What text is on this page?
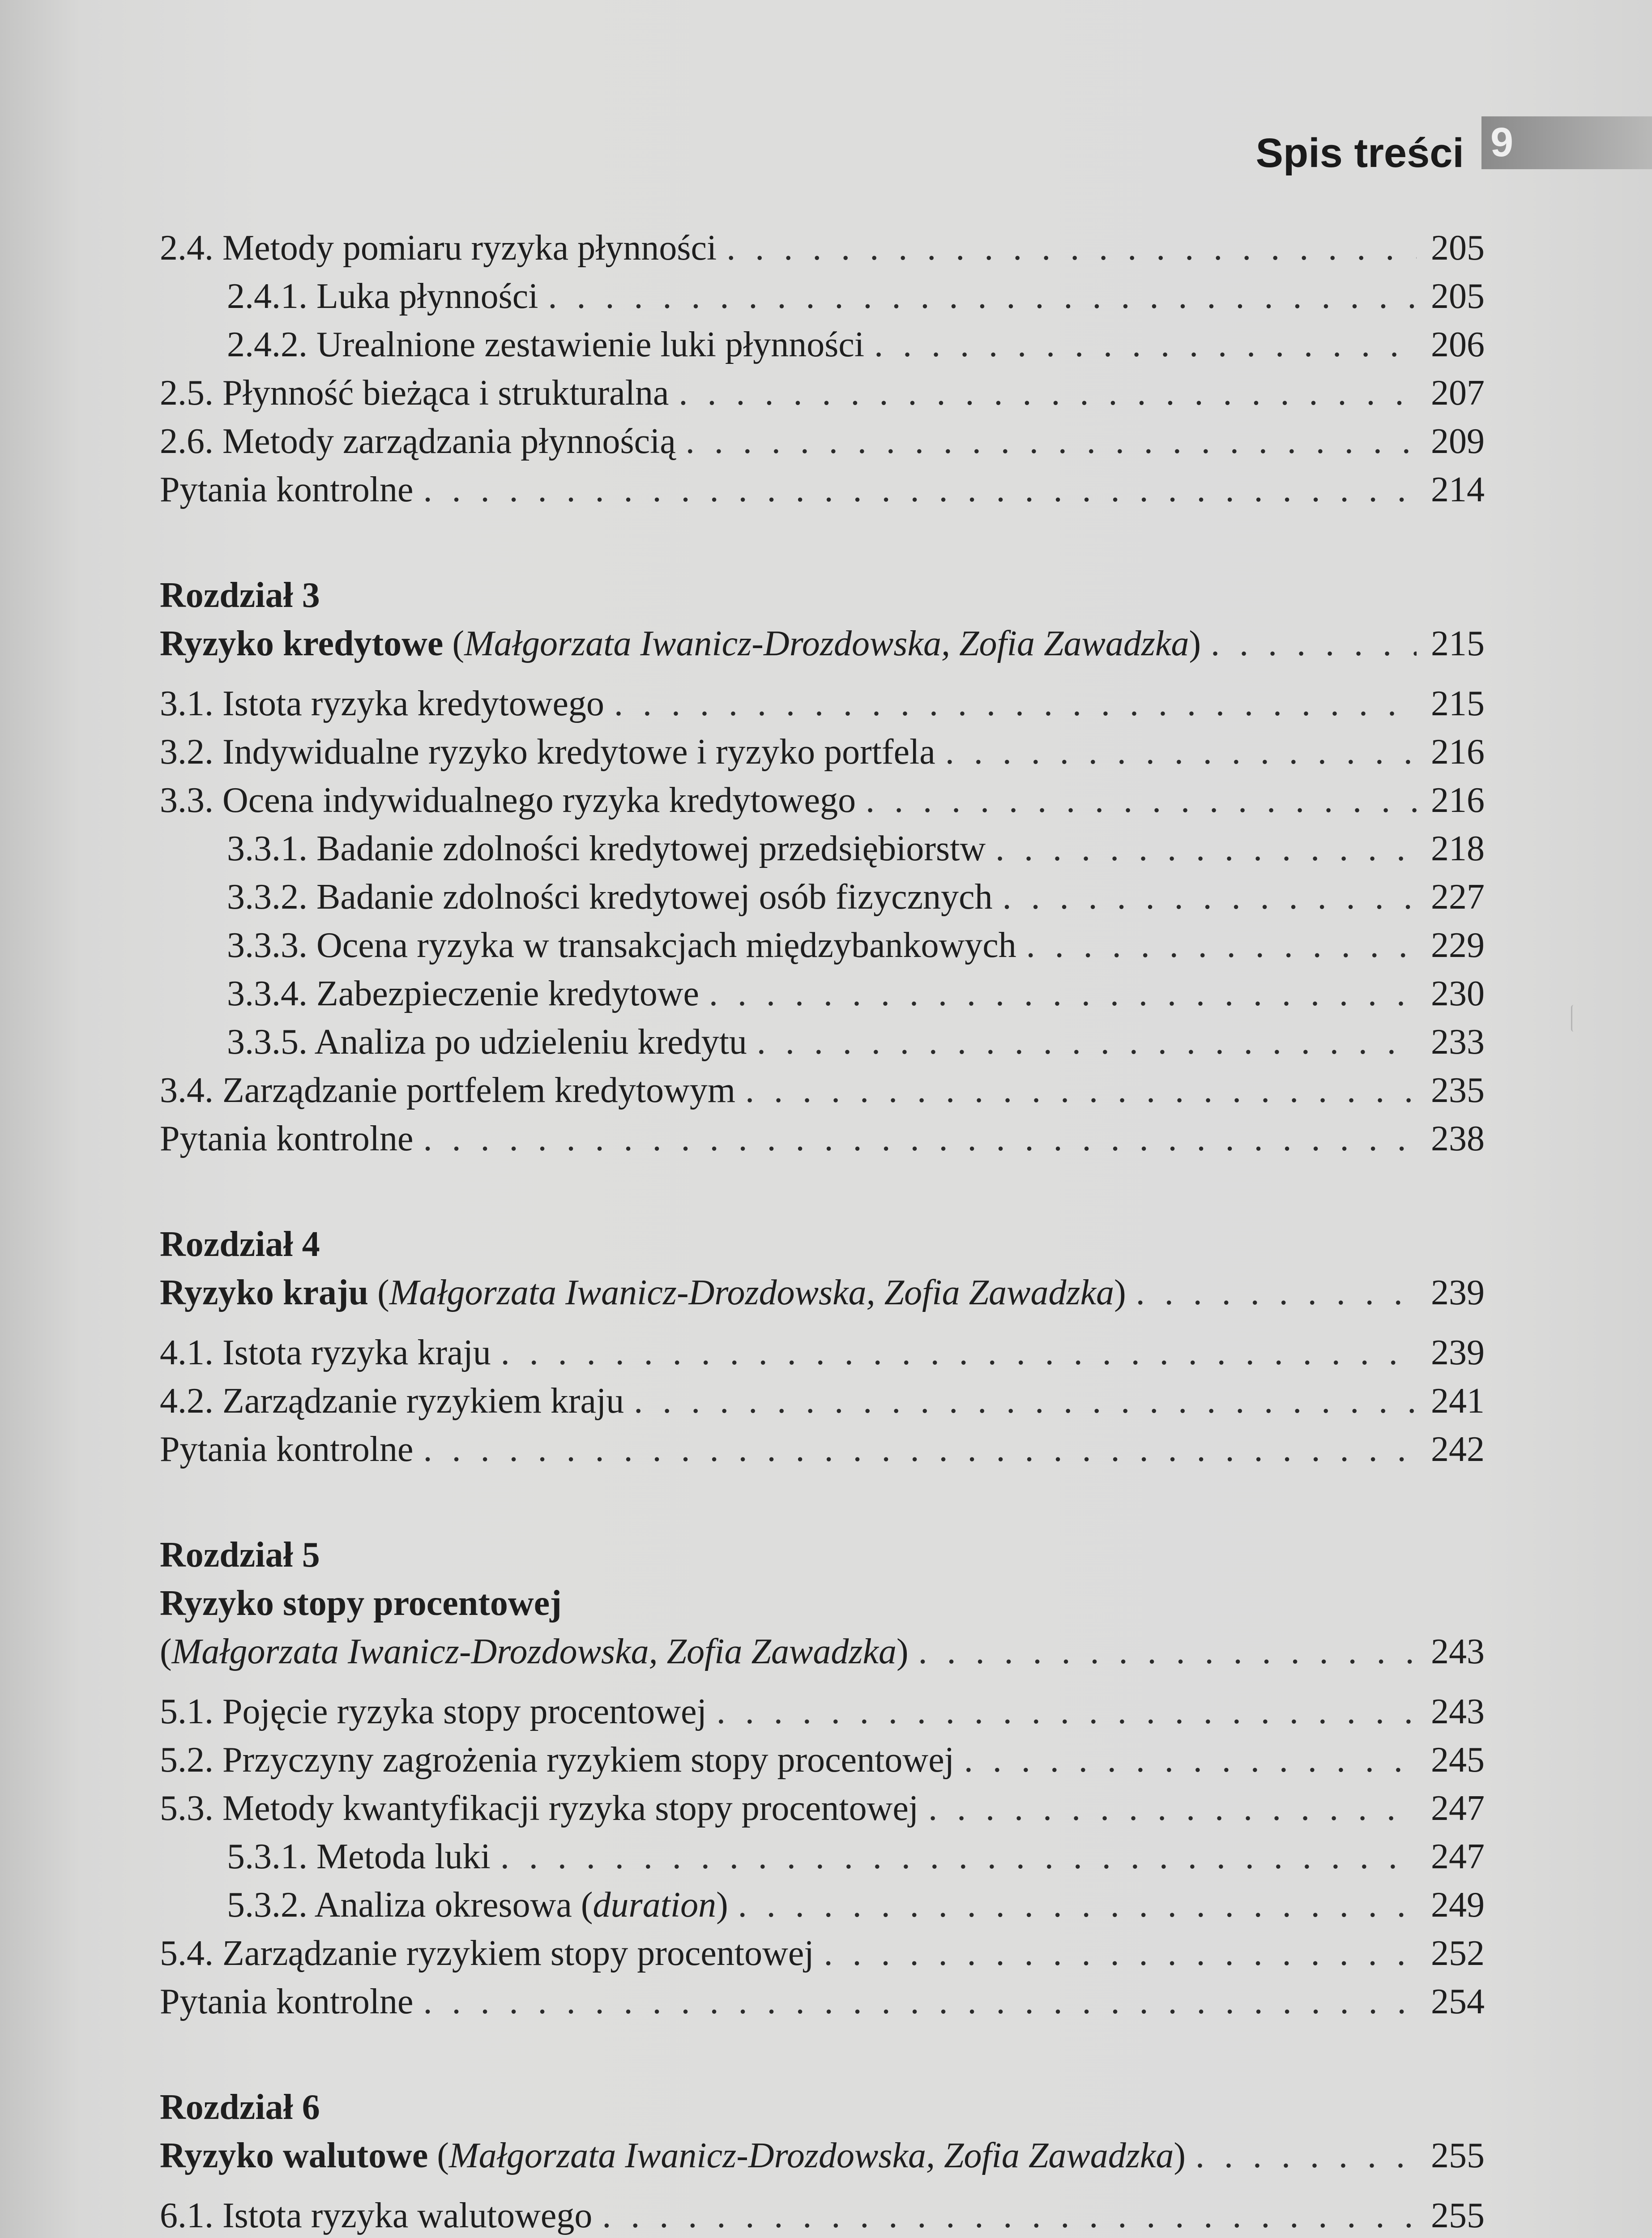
Spis treści 9
2.4. Metody pomiaru ryzyka płynności . . .	205
2.4.1. Luka płynności . . .	205
2.4.2. Urealnione zestawienie luki płynności . . .	206
2.5. Płynność bieżąca i strukturalna . . .	207
2.6. Metody zarządzania płynnością . . .	209
Pytania kontrolne . . .	214
Rozdział 3
Ryzyko kredytowe (Małgorzata Iwanicz-Drozdowska, Zofia Zawadzka) . . .	215
3.1. Istota ryzyka kredytowego . . .	215
3.2. Indywidualne ryzyko kredytowe i ryzyko portfela . . .	216
3.3. Ocena indywidualnego ryzyka kredytowego . . .	216
3.3.1. Badanie zdolności kredytowej przedsiębiorstw . . .	218
3.3.2. Badanie zdolności kredytowej osób fizycznych . . .	227
3.3.3. Ocena ryzyka w transakcjach międzybankowych . . .	229
3.3.4. Zabezpieczenie kredytowe . . .	230
3.3.5. Analiza po udzieleniu kredytu . . .	233
3.4. Zarządzanie portfelem kredytowym . . .	235
Pytania kontrolne . . .	238
Rozdział 4
Ryzyko kraju (Małgorzata Iwanicz-Drozdowska, Zofia Zawadzka) . . .	239
4.1. Istota ryzyka kraju . . .	239
4.2. Zarządzanie ryzykiem kraju . . .	241
Pytania kontrolne . . .	242
Rozdział 5
Ryzyko stopy procentowej
(Małgorzata Iwanicz-Drozdowska, Zofia Zawadzka) . . .	243
5.1. Pojęcie ryzyka stopy procentowej . . .	243
5.2. Przyczyny zagrożenia ryzykiem stopy procentowej . . .	245
5.3. Metody kwantyfikacji ryzyka stopy procentowej . . .	247
5.3.1. Metoda luki . . .	247
5.3.2. Analiza okresowa (duration) . . .	249
5.4. Zarządzanie ryzykiem stopy procentowej . . .	252
Pytania kontrolne . . .	254
Rozdział 6
Ryzyko walutowe (Małgorzata Iwanicz-Drozdowska, Zofia Zawadzka) . . .	255
6.1. Istota ryzyka walutowego . . .	255
